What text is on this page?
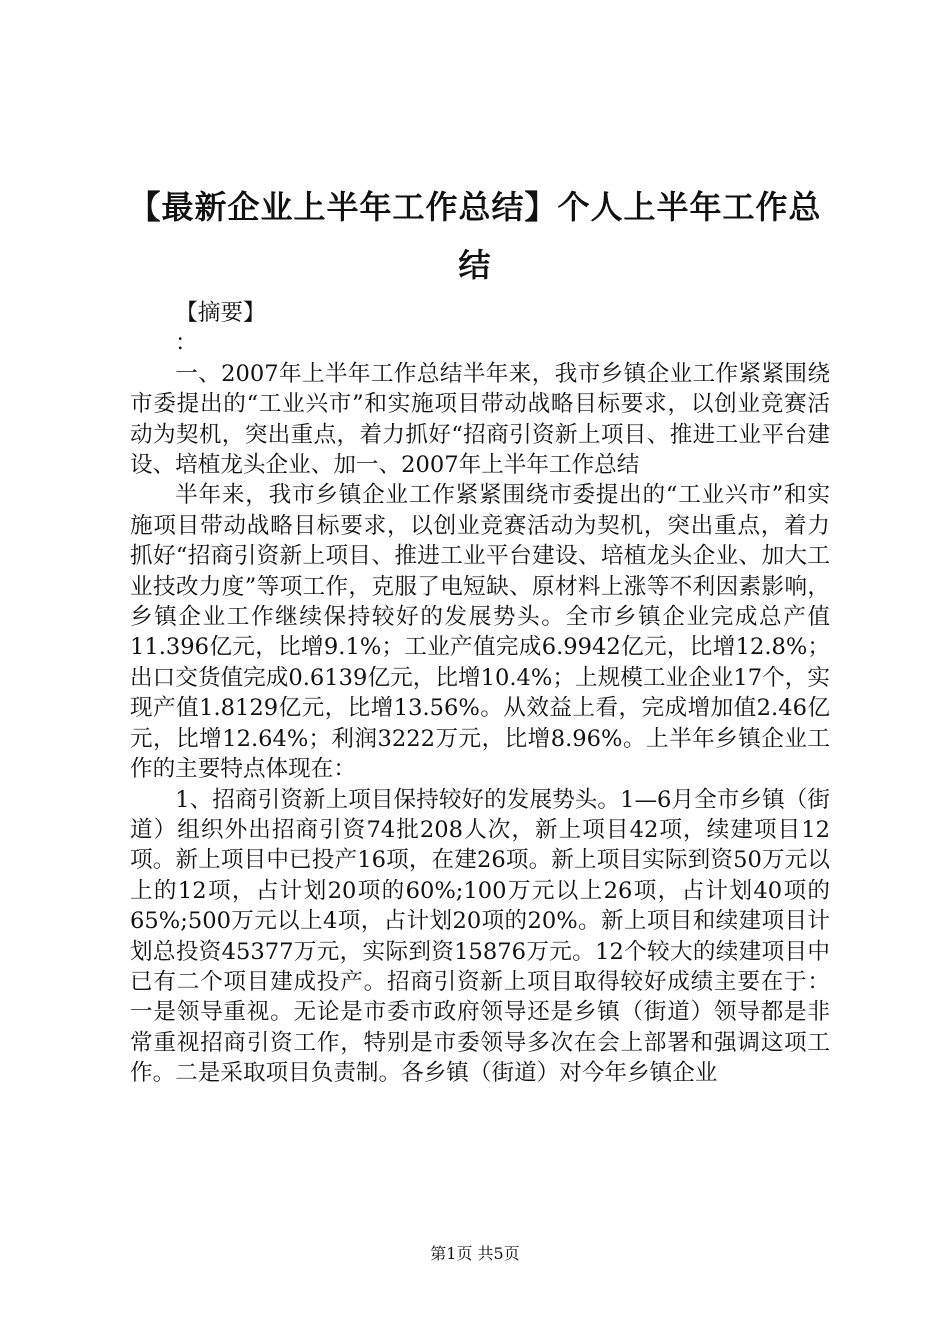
【最新企业上半年工作总结】个人上半年工作总结

【摘要】

：

一、2007年上半年工作总结半年来，我市乡镇企业工作紧紧围绕市委提出的“工业兴市”和实施项目带动战略目标要求，以创业竞赛活动为契机，突出重点，着力抓好“招商引资新上项目、推进工业平台建设、培植龙头企业、加一、2007年上半年工作总结

半年来，我市乡镇企业工作紧紧围绕市委提出的“工业兴市”和实施项目带动战略目标要求，以创业竞赛活动为契机，突出重点，着力抓好“招商引资新上项目、推进工业平台建设、培植龙头企业、加大工业技改力度”等项工作，克服了电短缺、原材料上涨等不利因素影响，乡镇企业工作继续保持较好的发展势头。全市乡镇企业完成总产值11.396亿元，比增9.1%；工业产值完成6.9942亿元，比增12.8%；出口交货值完成0.6139亿元，比增10.4%；上规模工业企业17个，实现产值1.8129亿元，比增13.56%。从效益上看，完成增加值2.46亿元，比增12.64%；利润3222万元，比增8.96%。上半年乡镇企业工作的主要特点体现在：

1、招商引资新上项目保持较好的发展势头。1—6月全市乡镇（街道）组织外出招商引资74批208人次，新上项目42项，续建项目12项。新上项目中已投产16项，在建26项。新上项目实际到资50万元以上的12项，占计划20项的60%;100万元以上26项，占计划40项的65%;500万元以上4项，占计划20项的20%。新上项目和续建项目计划总投资45377万元，实际到资15876万元。12个较大的续建项目中已有二个项目建成投产。招商引资新上项目取得较好成绩主要在于：一是领导重视。无论是市委市政府领导还是乡镇（街道）领导都是非常重视招商引资工作，特别是市委领导多次在会上部署和强调这项工作。二是采取项目负责制。各乡镇（街道）对今年乡镇企业

第1页 共5页
